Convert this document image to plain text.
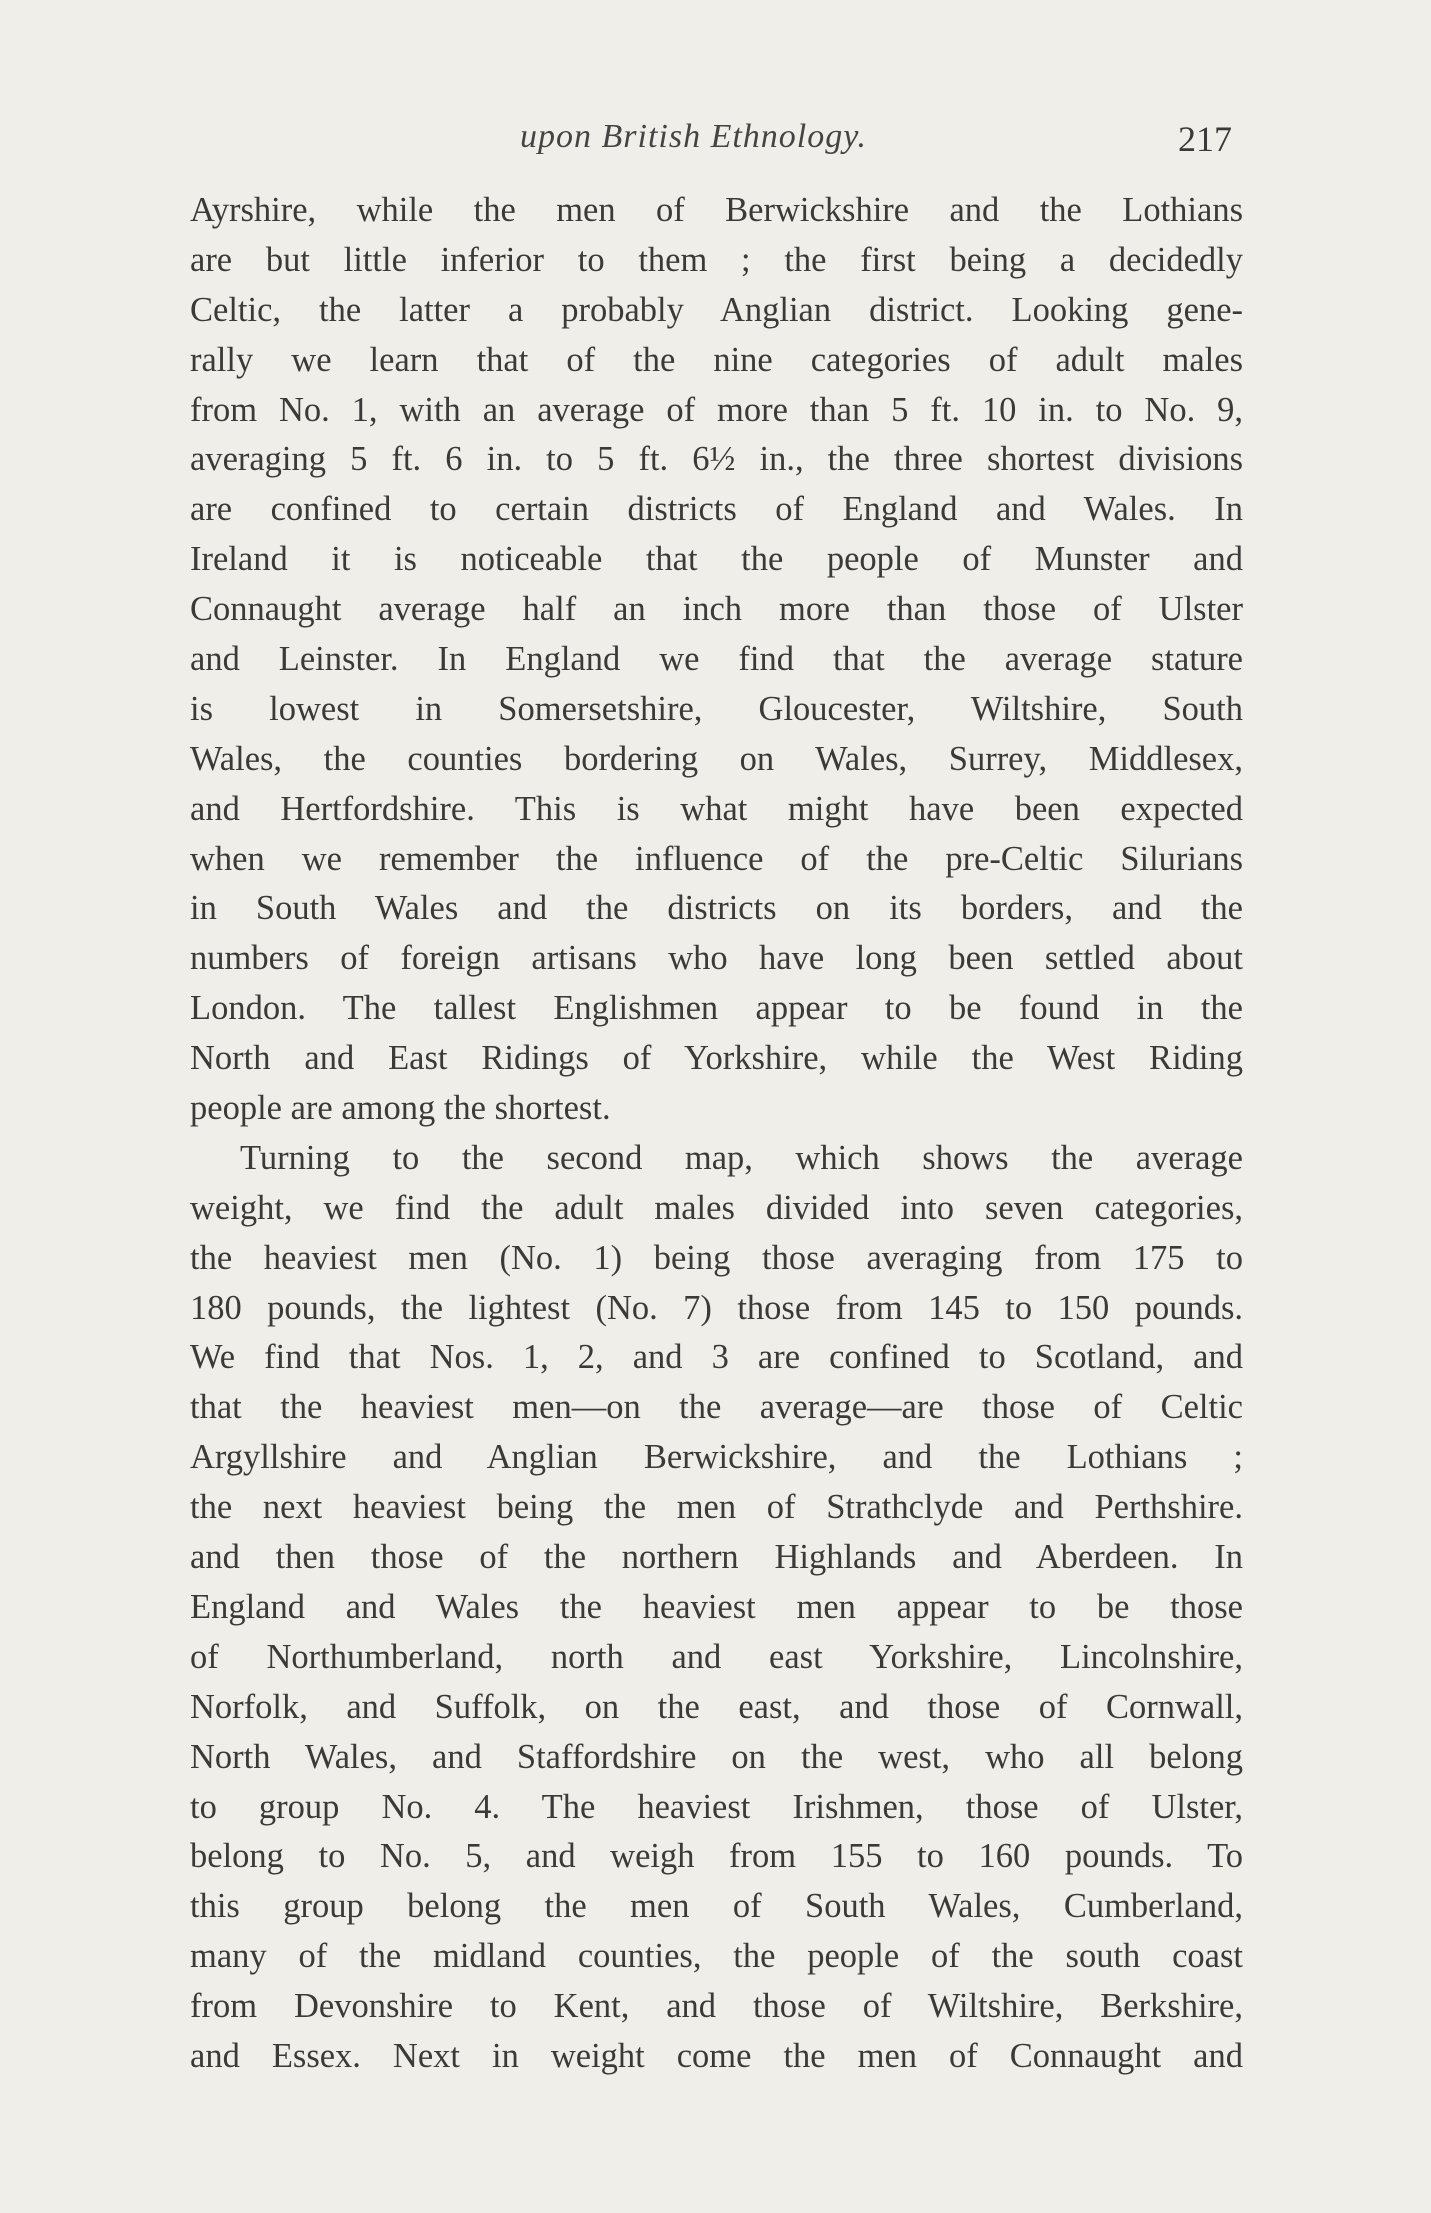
upon British Ethnology.	217
Ayrshire, while the men of Berwickshire and the Lothians
are but little inferior to them ; the first being a decidedly
Celtic, the latter a probably Anglian district. Looking gene-
rally we learn that of the nine categories of adult males
from No. 1, with an average of more than 5 ft. 10 in. to No. 9,
averaging 5 ft. 6 in. to 5 ft. 6½ in., the three shortest divisions
are confined to certain districts of England and Wales. In
Ireland it is noticeable that the people of Munster and
Connaught average half an inch more than those of Ulster
and Leinster. In England we find that the average stature
is lowest in Somersetshire, Gloucester, Wiltshire, South
Wales, the counties bordering on Wales, Surrey, Middlesex,
and Hertfordshire. This is what might have been expected
when we remember the influence of the pre-Celtic Silurians
in South Wales and the districts on its borders, and the
numbers of foreign artisans who have long been settled about
London. The tallest Englishmen appear to be found in the
North and East Ridings of Yorkshire, while the West Riding
people are among the shortest.
Turning to the second map, which shows the average
weight, we find the adult males divided into seven categories,
the heaviest men (No. 1) being those averaging from 175 to
180 pounds, the lightest (No. 7) those from 145 to 150 pounds.
We find that Nos. 1, 2, and 3 are confined to Scotland, and
that the heaviest men—on the average—are those of Celtic
Argyllshire and Anglian Berwickshire, and the Lothians ;
the next heaviest being the men of Strathclyde and Perthshire.
and then those of the northern Highlands and Aberdeen. In
England and Wales the heaviest men appear to be those
of Northumberland, north and east Yorkshire, Lincolnshire,
Norfolk, and Suffolk, on the east, and those of Cornwall,
North Wales, and Staffordshire on the west, who all belong
to group No. 4. The heaviest Irishmen, those of Ulster,
belong to No. 5, and weigh from 155 to 160 pounds. To
this group belong the men of South Wales, Cumberland,
many of the midland counties, the people of the south coast
from Devonshire to Kent, and those of Wiltshire, Berkshire,
and Essex. Next in weight come the men of Connaught and
